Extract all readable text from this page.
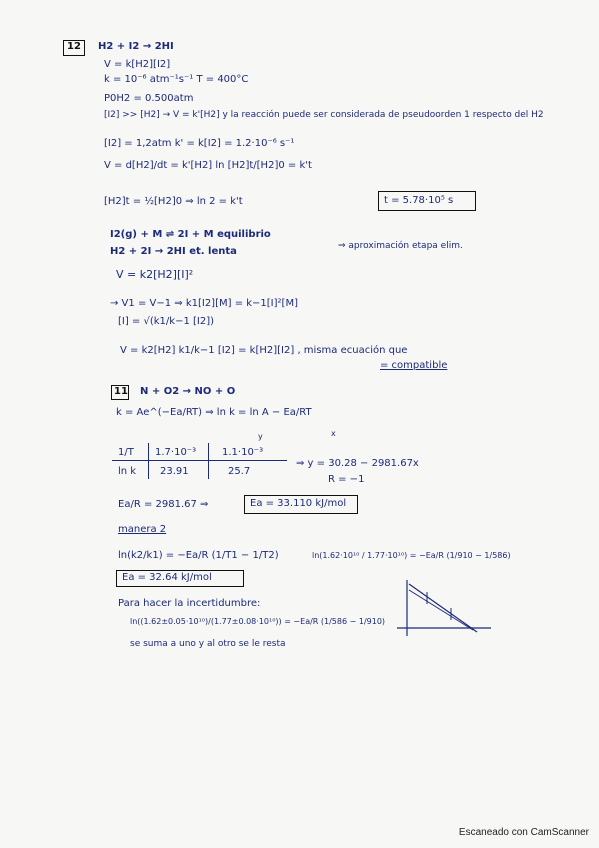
12 H2 + I2 → 2HI
V = k[H2][I2]
k = 10⁻⁶ atm⁻¹s⁻¹ T = 400°C
P0H2 = 0.500atm
[I2] >> [H2] → V = k'[H2] y la reacción puede ser considerada de pseudoorden 1 respecto del H2
[I2] = 1,2atm k' = k[I2] = 1.2·10⁻⁶ s⁻¹
V = d[H2]/dt = k'[H2] ln [H2]t/[H2]0 = k't
[H2]t = ½[H2]0 ⇒ ln 2 = k't	t = 5.78·10⁵ s
I2(g) + M ⇌ 2I + M equilibrio
H2 + 2I → 2HI et. lenta	⇒ aproximación etapa elim.
V = k2[H2][I]²
→ V1 = V−1 ⇒ k1[I2][M] = k−1[I]²[M]
[I] = √(k1/k−1 [I2])
V = k2[H2] k1/k−1 [I2] = k[H2][I2] , misma ecuación que
= compatible
11 N + O2 → NO + O
k = Ae^(−Ea/RT) ⇒ ln k = ln A − Ea/RT
y	x
1/T 1.7·10⁻³	1.1·10⁻³
ln k 23.91	25.7
⇒ y = 30.28 − 2981.67x
R = −1
Ea/R = 2981.67 ⇒	Ea = 33.110 kJ/mol
manera 2
ln(k2/k1) = −Ea/R (1/T1 − 1/T2)	ln(1.62·10¹⁰ / 1.77·10¹⁰) = −Ea/R (1/910 − 1/586)
Ea = 32.64 kJ/mol
Para hacer la incertidumbre:
ln((1.62±0.05·10¹⁰)/(1.77±0.08·10¹⁰)) = −Ea/R (1/586 − 1/910)
se suma a uno y al otro se le resta
Escaneado con CamScanner
